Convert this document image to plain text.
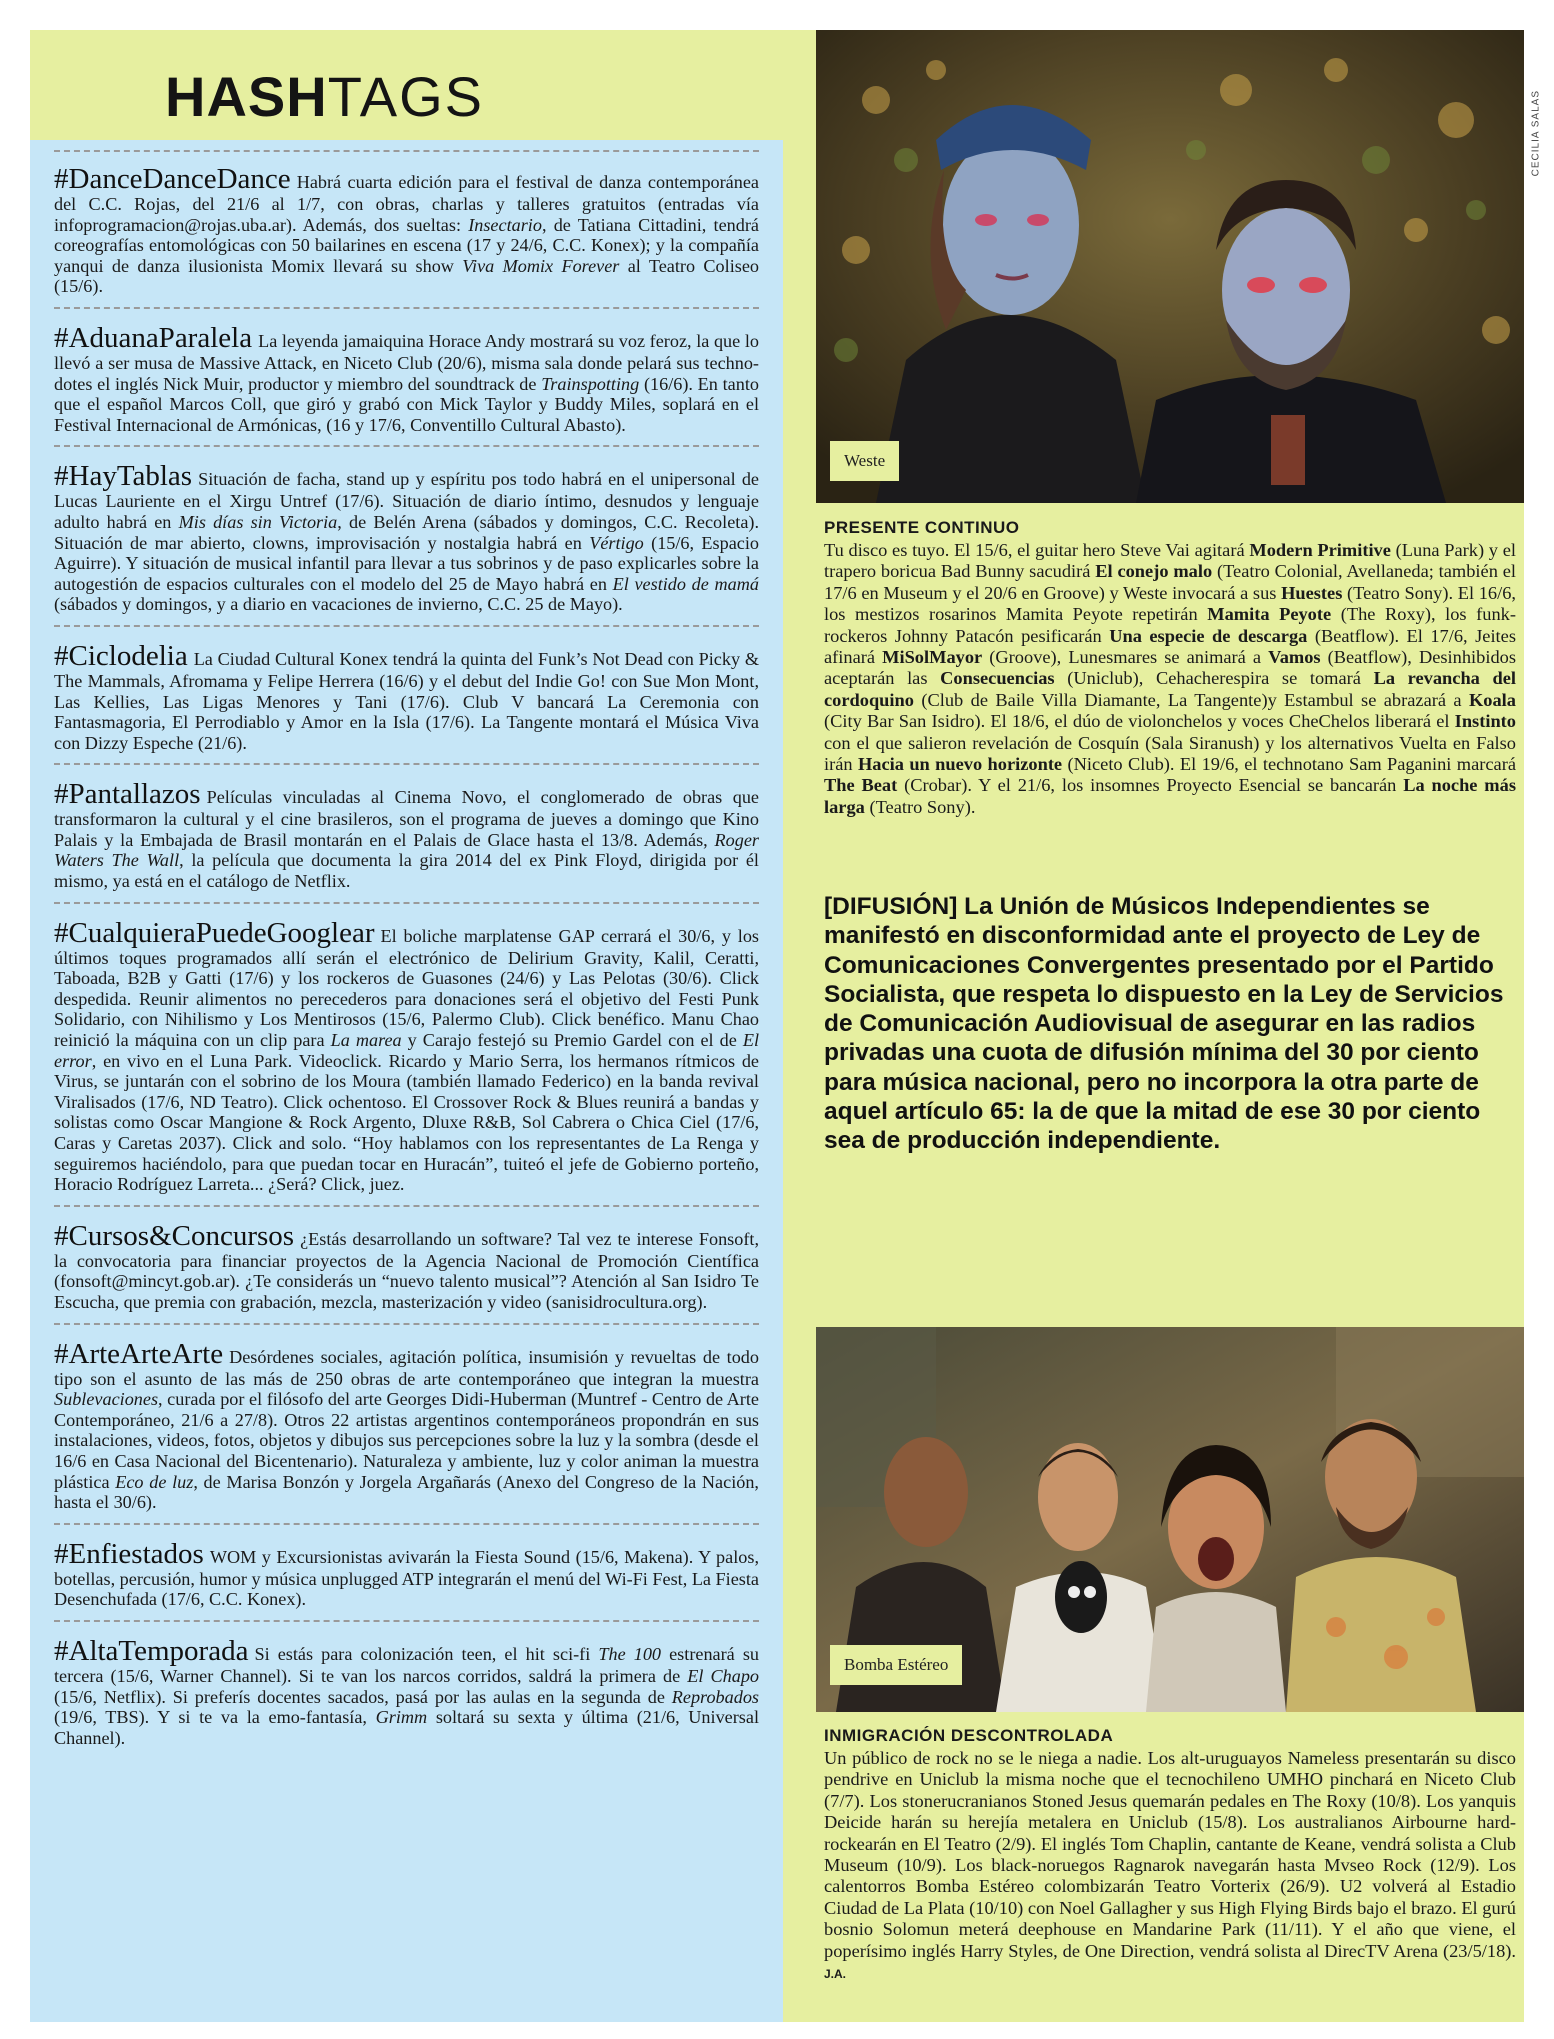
HASHTAGS
#DanceDanceDance Habrá cuarta edición para el festival de danza contemporánea del C.C. Rojas, del 21/6 al 1/7, con obras, charlas y talleres gratuitos (entradas vía infoprogramacion@rojas.uba.ar). Además, dos sueltas: Insectario, de Tatiana Cittadini, tendrá coreografías entomológicas con 50 bailarines en escena (17 y 24/6, C.C. Konex); y la compañía yanqui de danza ilusionista Momix llevará su show Viva Momix Forever al Teatro Coliseo (15/6).
#AduanaParalela La leyenda jamaiquina Horace Andy mostrará su voz feroz, la que lo llevó a ser musa de Massive Attack, en Niceto Club (20/6), misma sala donde pelará sus techno-dotes el inglés Nick Muir, productor y miembro del soundtrack de Trainspotting (16/6). En tanto que el español Marcos Coll, que giró y grabó con Mick Taylor y Buddy Miles, soplará en el Festival Internacional de Armónicas, (16 y 17/6, Conventillo Cultural Abasto).
#HayTablas Situación de facha, stand up y espíritu pos todo habrá en el unipersonal de Lucas Lauriente en el Xirgu Untref (17/6). Situación de diario íntimo, desnudos y lenguaje adulto habrá en Mis días sin Victoria, de Belén Arena (sábados y domingos, C.C. Recoleta). Situación de mar abierto, clowns, improvisación y nostalgia habrá en Vértigo (15/6, Espacio Aguirre). Y situación de musical infantil para llevar a tus sobrinos y de paso explicarles sobre la autogestión de espacios culturales con el modelo del 25 de Mayo habrá en El vestido de mamá (sábados y domingos, y a diario en vacaciones de invierno, C.C. 25 de Mayo).
#Ciclodelia La Ciudad Cultural Konex tendrá la quinta del Funk’s Not Dead con Picky & The Mammals, Afromama y Felipe Herrera (16/6) y el debut del Indie Go! con Sue Mon Mont, Las Kellies, Las Ligas Menores y Tani (17/6). Club V bancará La Ceremonia con Fantasmagoria, El Perrodiablo y Amor en la Isla (17/6). La Tangente montará el Música Viva con Dizzy Espeche (21/6).
#Pantallazos Películas vinculadas al Cinema Novo, el conglomerado de obras que transformaron la cultural y el cine brasileros, son el programa de jueves a domingo que Kino Palais y la Embajada de Brasil montarán en el Palais de Glace hasta el 13/8. Además, Roger Waters The Wall, la película que documenta la gira 2014 del ex Pink Floyd, dirigida por él mismo, ya está en el catálogo de Netflix.
#CualquieraPuedeGooglear El boliche marplatense GAP cerrará el 30/6, y los últimos toques programados allí serán el electrónico de Delirium Gravity, Kalil, Ceratti, Taboada, B2B y Gatti (17/6) y los rockeros de Guasones (24/6) y Las Pelotas (30/6). Click despedida. Reunir alimentos no perecederos para donaciones será el objetivo del Festi Punk Solidario, con Nihilismo y Los Mentirosos (15/6, Palermo Club). Click benéfico. Manu Chao reinició la máquina con un clip para La marea y Carajo festejó su Premio Gardel con el de El error, en vivo en el Luna Park. Videoclick. Ricardo y Mario Serra, los hermanos rítmicos de Virus, se juntarán con el sobrino de los Moura (también llamado Federico) en la banda revival Viralisados (17/6, ND Teatro). Click ochentoso. El Crossover Rock & Blues reunirá a bandas y solistas como Oscar Mangione & Rock Argento, Dluxe R&B, Sol Cabrera o Chica Ciel (17/6, Caras y Caretas 2037). Click and solo. “Hoy hablamos con los representantes de La Renga y seguiremos haciéndolo, para que puedan tocar en Huracán”, tuiteó el jefe de Gobierno porteño, Horacio Rodríguez Larreta... ¿Será? Click, juez.
#Cursos&Concursos ¿Estás desarrollando un software? Tal vez te interese Fonsoft, la convocatoria para financiar proyectos de la Agencia Nacional de Promoción Científica (fonsoft@mincyt.gob.ar). ¿Te considerás un “nuevo talento musical”? Atención al San Isidro Te Escucha, que premia con grabación, mezcla, masterización y video (sanisidrocultura.org).
#ArteArteArte Desórdenes sociales, agitación política, insumisión y revueltas de todo tipo son el asunto de las más de 250 obras de arte contemporáneo que integran la muestra Sublevaciones, curada por el filósofo del arte Georges Didi-Huberman (Muntref - Centro de Arte Contemporáneo, 21/6 a 27/8). Otros 22 artistas argentinos contemporáneos propondrán en sus instalaciones, videos, fotos, objetos y dibujos sus percepciones sobre la luz y la sombra (desde el 16/6 en Casa Nacional del Bicentenario). Naturaleza y ambiente, luz y color animan la muestra plástica Eco de luz, de Marisa Bonzón y Jorgela Argañarás (Anexo del Congreso de la Nación, hasta el 30/6).
#Enfiestados WOM y Excursionistas avivarán la Fiesta Sound (15/6, Makena). Y palos, botellas, percusión, humor y música unplugged ATP integrarán el menú del Wi-Fi Fest, La Fiesta Desenchufada (17/6, C.C. Konex).
#AltaTemporada Si estás para colonización teen, el hit sci-fi The 100 estrenará su tercera (15/6, Warner Channel). Si te van los narcos corridos, saldrá la primera de El Chapo (15/6, Netflix). Si preferís docentes sacados, pasá por las aulas en la segunda de Reprobados (19/6, TBS). Y si te va la emo-fantasía, Grimm soltará su sexta y última (21/6, Universal Channel).
Weste
CECILIA SALAS
PRESENTE CONTINUO

Tu disco es tuyo. El 15/6, el guitar hero Steve Vai agitará Modern Primitive (Luna Park) y el trapero boricua Bad Bunny sacudirá El conejo malo (Teatro Colonial, Avellaneda; también el 17/6 en Museum y el 20/6 en Groove) y Weste invocará a sus Huestes (Teatro Sony). El 16/6, los mestizos rosarinos Mamita Peyote repetirán Mamita Peyote (The Roxy), los funk-rockeros Johnny Patacón pesificarán Una especie de descarga (Beatflow). El 17/6, Jeites afinará MiSolMayor (Groove), Lunesmares se animará a Vamos (Beatflow), Desinhibidos aceptarán las Consecuencias (Uniclub), Cehacherespira se tomará La revancha del cordoquino (Club de Baile Villa Diamante, La Tangente)y Estambul se abrazará a Koala (City Bar San Isidro). El 18/6, el dúo de violonchelos y voces CheChelos liberará el Instinto con el que salieron revelación de Cosquín (Sala Siranush) y los alternativos Vuelta en Falso irán Hacia un nuevo horizonte (Niceto Club). El 19/6, el technotano Sam Paganini marcará The Beat (Crobar). Y el 21/6, los insomnes Proyecto Esencial se bancarán La noche más larga (Teatro Sony).

[DIFUSIÓN] La Unión de Músicos Independientes se manifestó en disconformidad ante el proyecto de Ley de Comunicaciones Convergentes presentado por el Partido Socialista, que respeta lo dispuesto en la Ley de Servicios de Comunicación Audiovisual de asegurar en las radios privadas una cuota de difusión mínima del 30 por ciento para música nacional, pero no incorpora la otra parte de aquel artículo 65: la de que la mitad de ese 30 por ciento sea de producción independiente.
Bomba Estéreo
INMIGRACIÓN DESCONTROLADA

Un público de rock no se le niega a nadie. Los alt-uruguayos Nameless presentarán su disco pendrive en Uniclub la misma noche que el tecnochileno UMHO pinchará en Niceto Club (7/7). Los stonerucranianos Stoned Jesus quemarán pedales en The Roxy (10/8). Los yanquis Deicide harán su herejía metalera en Uniclub (15/8). Los australianos Airbourne hard-rockearán en El Teatro (2/9). El inglés Tom Chaplin, cantante de Keane, vendrá solista a Club Museum (10/9). Los black-noruegos Ragnarok navegarán hasta Mvseo Rock (12/9). Los calentorros Bomba Estéreo colombizarán Teatro Vorterix (26/9). U2 volverá al Estadio Ciudad de La Plata (10/10) con Noel Gallagher y sus High Flying Birds bajo el brazo. El gurú bosnio Solomun meterá deephouse en Mandarine Park (11/11). Y el año que viene, el poperísimo inglés Harry Styles, de One Direction, vendrá solista al DirecTV Arena (23/5/18). J.A.
